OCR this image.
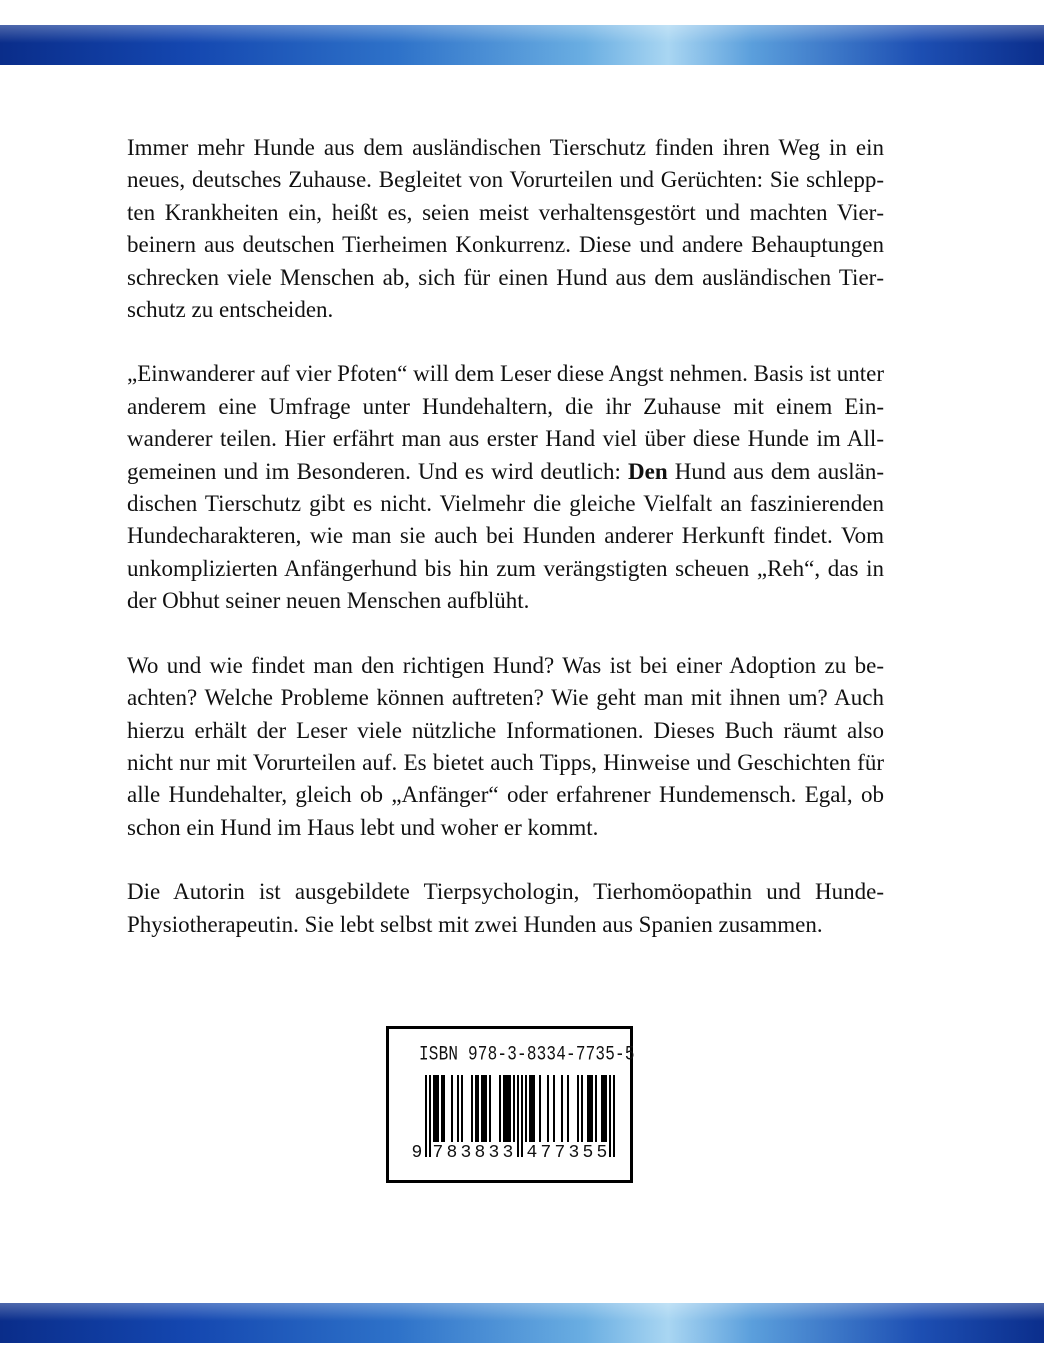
Immer mehr Hunde aus dem ausländischen Tierschutz finden ihren Weg in ein neues, deutsches Zuhause. Begleitet von Vorurteilen und Gerüchten: Sie schleppten Krankheiten ein, heißt es, seien meist verhaltensgestört und machten Vierbeinern aus deutschen Tierheimen Konkurrenz. Diese und andere Behauptungen schrecken viele Menschen ab, sich für einen Hund aus dem ausländischen Tierschutz zu entscheiden.

„Einwanderer auf vier Pfoten“ will dem Leser diese Angst nehmen. Basis ist unter anderem eine Umfrage unter Hundehaltern, die ihr Zuhause mit einem Einwanderer teilen. Hier erfährt man aus erster Hand viel über diese Hunde im Allgemeinen und im Besonderen. Und es wird deutlich: Den Hund aus dem ausländischen Tierschutz gibt es nicht. Vielmehr die gleiche Vielfalt an faszinierenden Hundecharakteren, wie man sie auch bei Hunden anderer Herkunft findet. Vom unkomplizierten Anfängerhund bis hin zum verängstigten scheuen „Reh“, das in der Obhut seiner neuen Menschen aufblüht.

Wo und wie findet man den richtigen Hund? Was ist bei einer Adoption zu beachten? Welche Probleme können auftreten? Wie geht man mit ihnen um? Auch hierzu erhält der Leser viele nützliche Informationen. Dieses Buch räumt also nicht nur mit Vorurteilen auf. Es bietet auch Tipps, Hinweise und Geschichten für alle Hundehalter, gleich ob „Anfänger“ oder erfahrener Hundemensch. Egal, ob schon ein Hund im Haus lebt und woher er kommt.

Die Autorin ist ausgebildete Tierpsychologin, Tierhomöopathin und Hunde-Physiotherapeutin. Sie lebt selbst mit zwei Hunden aus Spanien zusammen.

ISBN 978-3-8334-7735-5
9 7 8 3 8 3 3 4 7 7 3 5 5
